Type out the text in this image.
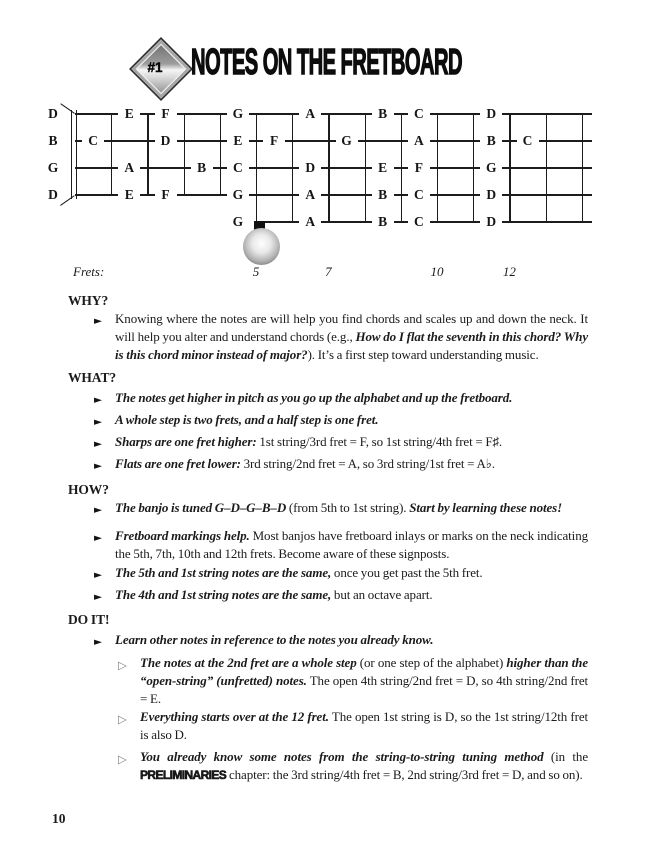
#1 NOTES ON THE FRETBOARD
D	E	F	G	A	B	C	D
B	C	D	E	F	G	A	B	C
G	A	B	C	D	E	F	G
D	E	F	G	A	B	C	D
G	A	B	C	D
Frets:	5	7	10	12
WHY?
► Knowing where the notes are will help you find chords and scales up and down the neck. It will help you alter and understand chords (e.g., How do I flat the seventh in this chord? Why is this chord minor instead of major?). It’s a first step toward understanding music.
WHAT?
► The notes get higher in pitch as you go up the alphabet and up the fretboard.
► A whole step is two frets, and a half step is one fret.
► Sharps are one fret higher: 1st string/3rd fret = F, so 1st string/4th fret = F♯.
► Flats are one fret lower: 3rd string/2nd fret = A, so 3rd string/1st fret = A♭.
HOW?
► The banjo is tuned G–D–G–B–D (from 5th to 1st string). Start by learning these notes!
► Fretboard markings help. Most banjos have fretboard inlays or marks on the neck indicating the 5th, 7th, 10th and 12th frets. Become aware of these signposts.
► The 5th and 1st string notes are the same, once you get past the 5th fret.
► The 4th and 1st string notes are the same, but an octave apart.
DO IT!
► Learn other notes in reference to the notes you already know.
▷ The notes at the 2nd fret are a whole step (or one step of the alphabet) higher than the “open-string” (unfretted) notes. The open 4th string/2nd fret = D, so 4th string/2nd fret = E.
▷ Everything starts over at the 12 fret. The open 1st string is D, so the 1st string/12th fret is also D.
▷ You already know some notes from the string-to-string tuning method (in the PRELIMINARIES chapter: the 3rd string/4th fret = B, 2nd string/3rd fret = D, and so on).
10
